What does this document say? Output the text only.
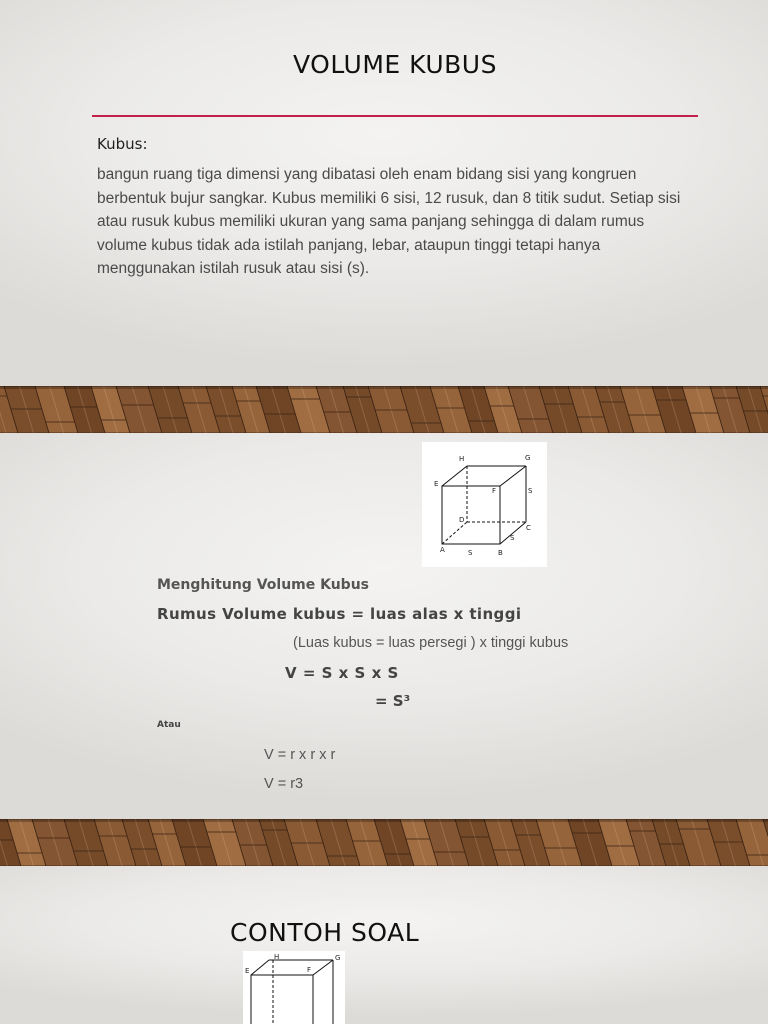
VOLUME KUBUS
Kubus:
bangun ruang tiga dimensi yang dibatasi oleh enam bidang sisi yang kongruen berbentuk bujur sangkar. Kubus memiliki 6 sisi, 12 rusuk, dan 8 titik sudut. Setiap sisi atau rusuk kubus memiliki ukuran yang sama panjang sehingga di dalam rumus volume kubus tidak ada istilah panjang, lebar, ataupun tinggi tetapi hanya menggunakan istilah rusuk atau sisi (s).
H	G
E
F
D
C
A	B
S
S
S
Menghitung Volume Kubus
Rumus Volume kubus = luas alas x tinggi
(Luas kubus = luas persegi ) x tinggi kubus
V = S x S x S
= S³
Atau
V = r x r x r
V = r3
CONTOH SOAL
H	G
E	F
